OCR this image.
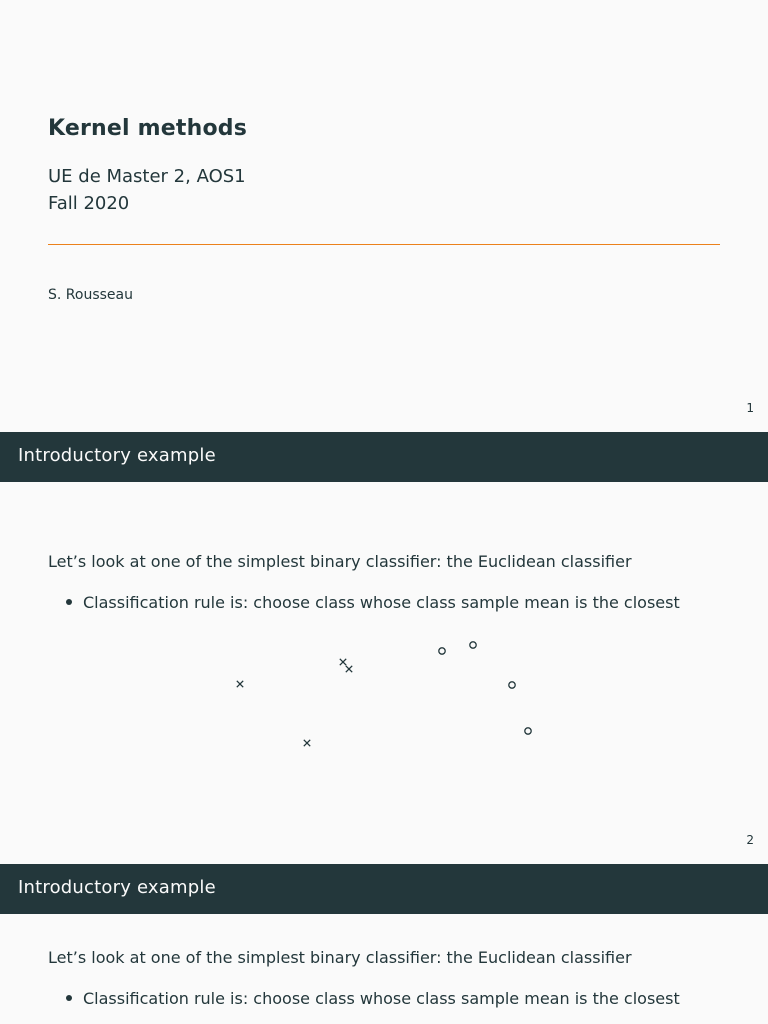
Kernel methods
UE de Master 2, AOS1
Fall 2020
S. Rousseau
1
Introductory example
Let’s look at one of the simplest binary classifier: the Euclidean classifier
Classification rule is: choose class whose class sample mean is the closest
2
Introductory example
Let’s look at one of the simplest binary classifier: the Euclidean classifier
Classification rule is: choose class whose class sample mean is the closest
